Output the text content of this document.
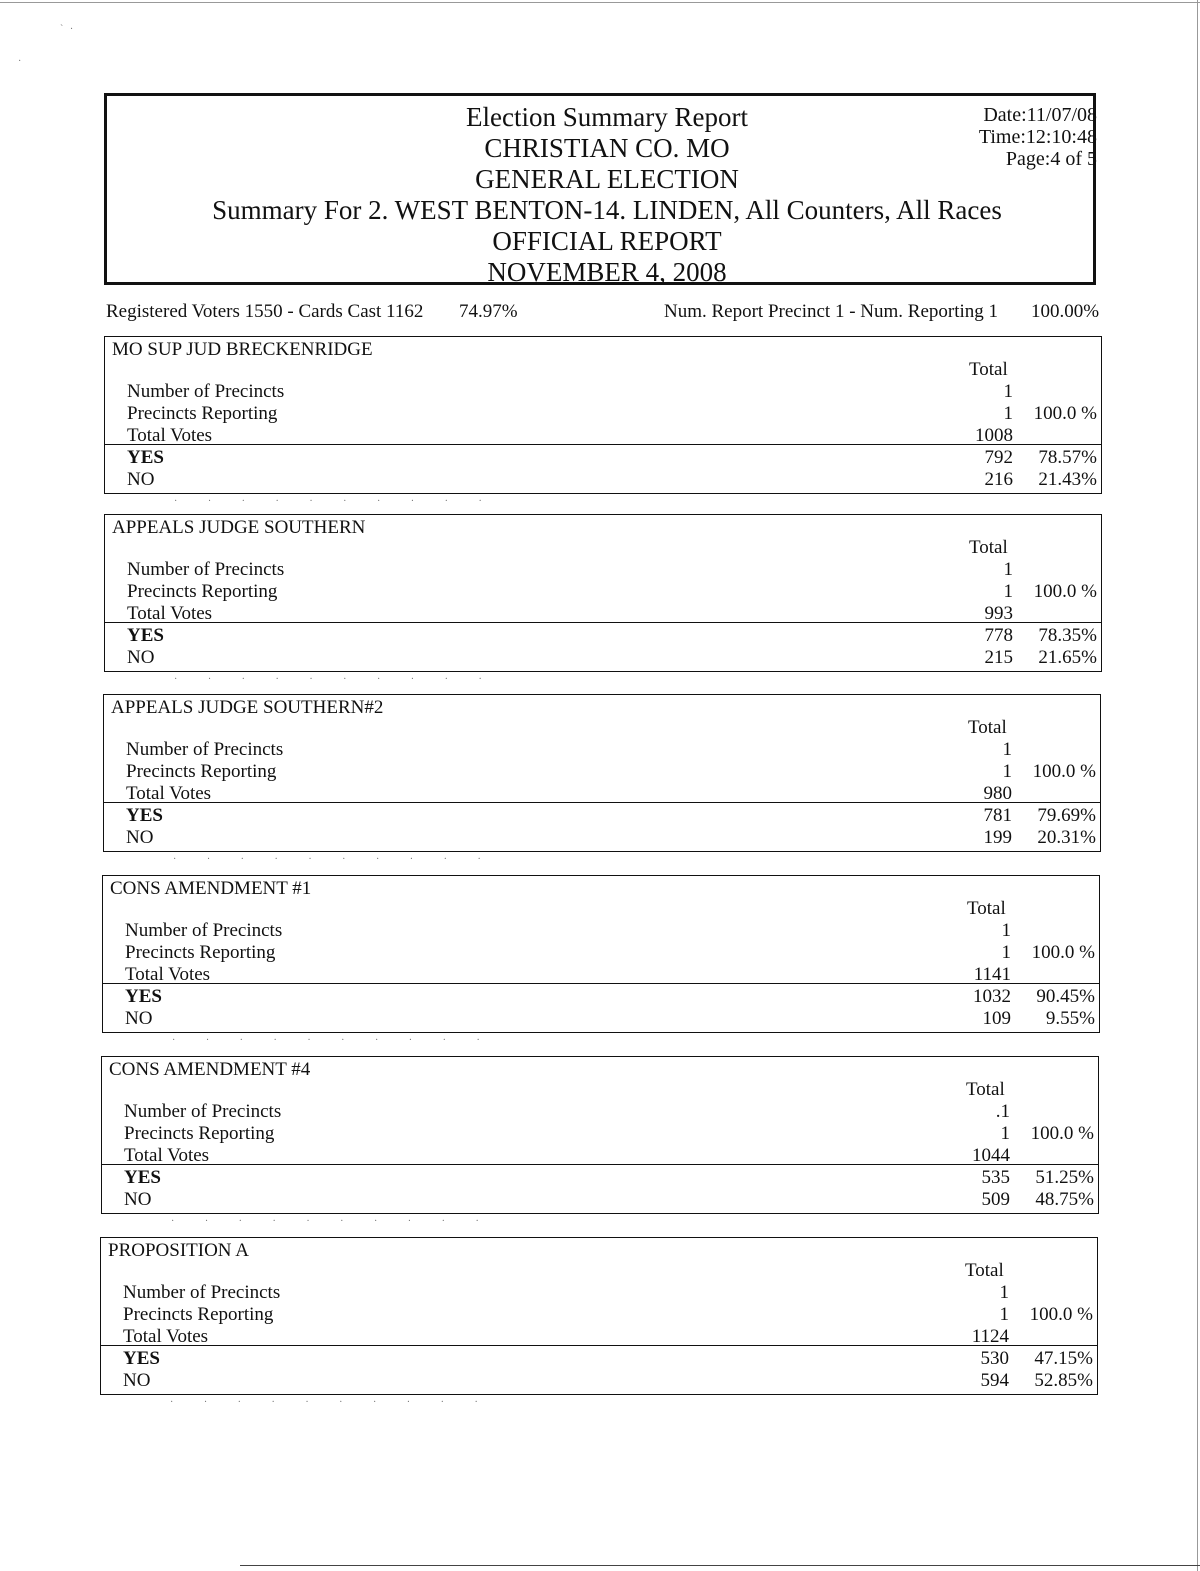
` ·
·
Election Summary Report
CHRISTIAN CO. MO
GENERAL ELECTION
Summary For 2. WEST BENTON-14. LINDEN, All Counters, All Races
OFFICIAL REPORT
NOVEMBER 4, 2008
Date:11/07/08
Time:12:10:48
Page:4 of 5
Registered Voters 1550 - Cards Cast 1162 74.97%	Num. Report Precinct 1 - Num. Reporting 1 100.00%
MO SUP JUD BRECKENRIDGE
Total
Number of Precincts	1
Precincts Reporting	1 100.0 %
Total Votes	1008
YES	792 78.57%
NO	216 21.43%
· · · · · · · · · ·
APPEALS JUDGE SOUTHERN
Total
Number of Precincts	1
Precincts Reporting	1 100.0 %
Total Votes	993
YES	778 78.35%
NO	215 21.65%
· · · · · · · · · ·
APPEALS JUDGE SOUTHERN#2
Total
Number of Precincts	1
Precincts Reporting	1 100.0 %
Total Votes	980
YES	781 79.69%
NO	199 20.31%
· · · · · · · · · ·
CONS AMENDMENT #1
Total
Number of Precincts	1
Precincts Reporting	1 100.0 %
Total Votes	1141
YES	1032 90.45%
NO	109 9.55%
· · · · · · · · · ·
CONS AMENDMENT #4
Total
Number of Precincts	.1
Precincts Reporting	1 100.0 %
Total Votes	1044
YES	535 51.25%
NO	509 48.75%
· · · · · · · · · ·
PROPOSITION A
Total
Number of Precincts	1
Precincts Reporting	1 100.0 %
Total Votes	1124
YES	530 47.15%
NO	594 52.85%
· · · · · · · · · ·
